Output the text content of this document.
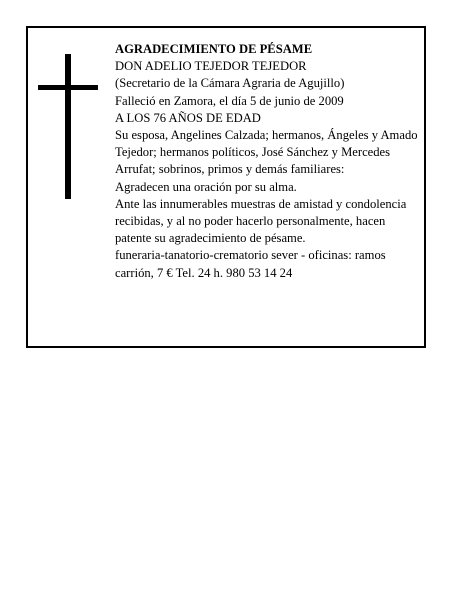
AGRADECIMIENTO DE PÉSAME
DON ADELIO TEJEDOR TEJEDOR
(Secretario de la Cámara Agraria de Agujillo)
Falleció en Zamora, el día 5 de junio de 2009
A LOS 76 AÑOS DE EDAD
Su esposa, Angelines Calzada; hermanos, Ángeles y Amado Tejedor; hermanos políticos, José Sánchez y Mercedes Arrufat; sobrinos, primos y demás familiares:
Agradecen una oración por su alma.
Ante las innumerables muestras de amistad y condolencia recibidas, y al no poder hacerlo personalmente, hacen patente su agradecimiento de pésame.
funeraria-tanatorio-crematorio sever - oficinas: ramos carrión, 7 € Tel. 24 h. 980 53 14 24
